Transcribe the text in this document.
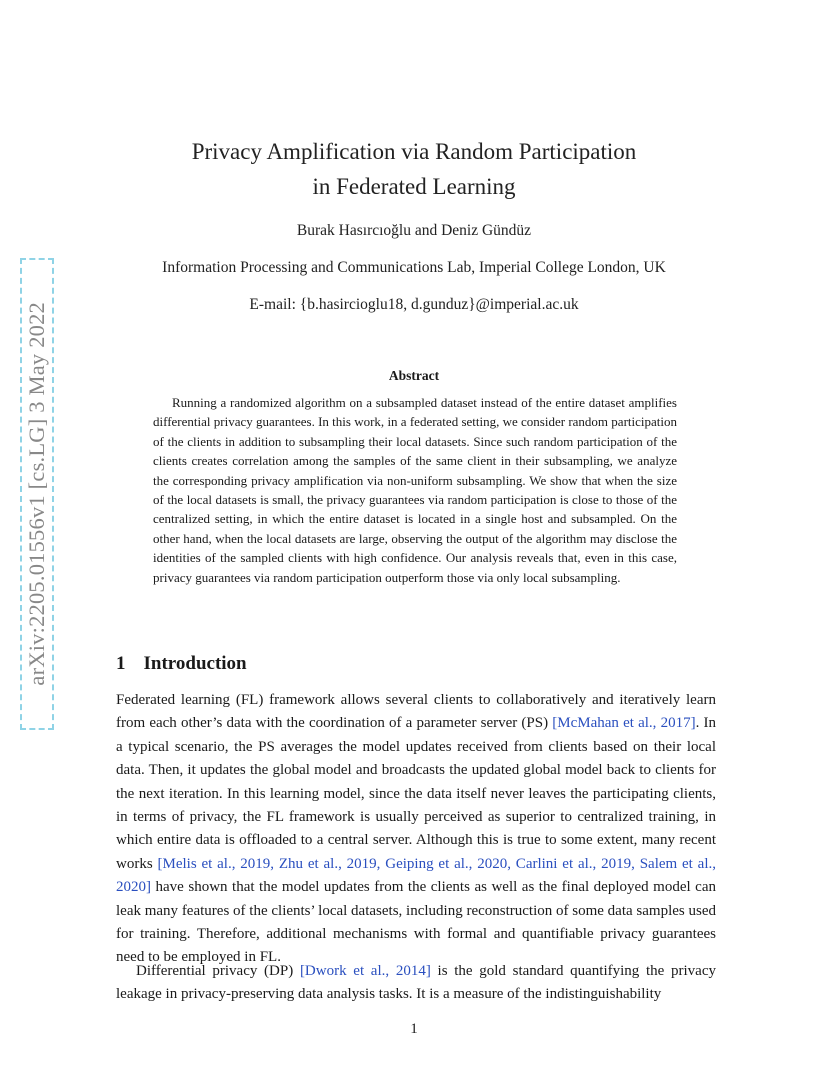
arXiv:2205.01556v1 [cs.LG] 3 May 2022
Privacy Amplification via Random Participation
in Federated Learning
Burak Hasırcıoğlu and Deniz Gündüz
Information Processing and Communications Lab, Imperial College London, UK
E-mail: {b.hasircioglu18, d.gunduz}@imperial.ac.uk
Abstract

Running a randomized algorithm on a subsampled dataset instead of the entire dataset amplifies differential privacy guarantees. In this work, in a federated setting, we consider random participation of the clients in addition to subsampling their local datasets. Since such random participation of the clients creates correlation among the samples of the same client in their subsampling, we analyze the corresponding privacy amplification via non-uniform subsampling. We show that when the size of the local datasets is small, the privacy guarantees via random participation is close to those of the centralized setting, in which the entire dataset is located in a single host and subsampled. On the other hand, when the local datasets are large, observing the output of the algorithm may disclose the identities of the sampled clients with high confidence. Our analysis reveals that, even in this case, privacy guarantees via random participation outperform those via only local subsampling.

1 Introduction

Federated learning (FL) framework allows several clients to collaboratively and iteratively learn from each other’s data with the coordination of a parameter server (PS) [McMahan et al., 2017]. In a typical scenario, the PS averages the model updates received from clients based on their local data. Then, it updates the global model and broadcasts the updated global model back to clients for the next iteration. In this learning model, since the data itself never leaves the participating clients, in terms of privacy, the FL framework is usually perceived as superior to centralized training, in which entire data is offloaded to a central server. Although this is true to some extent, many recent works [Melis et al., 2019, Zhu et al., 2019, Geiping et al., 2020, Carlini et al., 2019, Salem et al., 2020] have shown that the model updates from the clients as well as the final deployed model can leak many features of the clients’ local datasets, including reconstruction of some data samples used for training. Therefore, additional mechanisms with formal and quantifiable privacy guarantees need to be employed in FL.

Differential privacy (DP) [Dwork et al., 2014] is the gold standard quantifying the privacy leakage in privacy-preserving data analysis tasks. It is a measure of the indistinguishability

1
